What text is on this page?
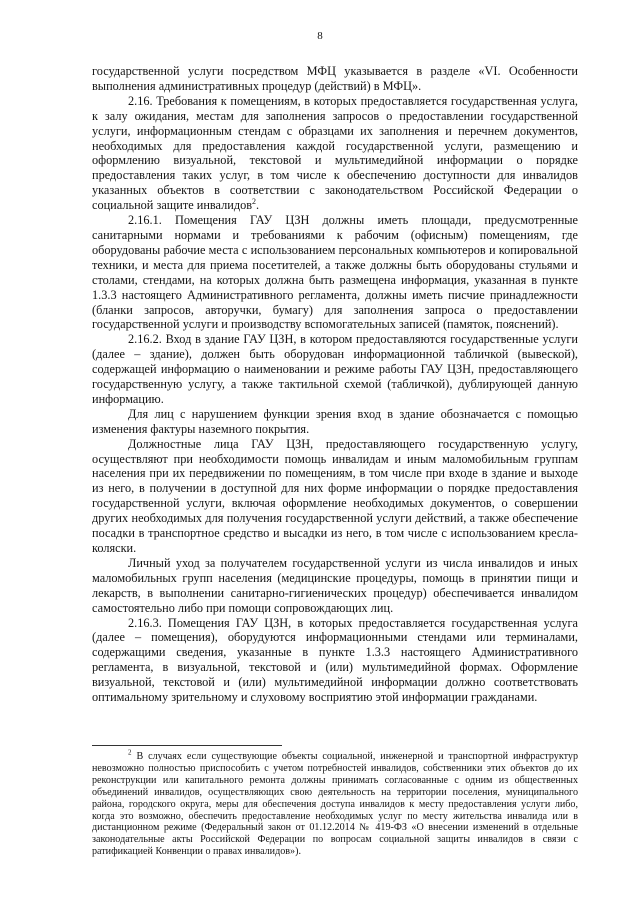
8

государственной услуги посредством МФЦ указывается в разделе «VI. Особенности выполнения административных процедур (действий) в МФЦ».

2.16. Требования к помещениям, в которых предоставляется государственная услуга, к залу ожидания, местам для заполнения запросов о предоставлении государственной услуги, информационным стендам с образцами их заполнения и перечнем документов, необходимых для предоставления каждой государственной услуги, размещению и оформлению визуальной, текстовой и мультимедийной информации о порядке предоставления таких услуг, в том числе к обеспечению доступности для инвалидов указанных объектов в соответствии с законодательством Российской Федерации о социальной защите инвалидов$^2$.

2.16.1. Помещения ГАУ ЦЗН должны иметь площади, предусмотренные санитарными нормами и требованиями к рабочим (офисным) помещениям, где оборудованы рабочие места с использованием персональных компьютеров и копировальной техники, и места для приема посетителей, а также должны быть оборудованы стульями и столами, стендами, на которых должна быть размещена информация, указанная в пункте 1.3.3 настоящего Административного регламента, должны иметь писчие принадлежности (бланки запросов, авторучки, бумагу) для заполнения запроса о предоставлении государственной услуги и производству вспомогательных записей (памяток, пояснений).

2.16.2. Вход в здание ГАУ ЦЗН, в котором предоставляются государственные услуги (далее – здание), должен быть оборудован информационной табличкой (вывеской), содержащей информацию о наименовании и режиме работы ГАУ ЦЗН, предоставляющего государственную услугу, а также тактильной схемой (табличкой), дублирующей данную информацию.

Для лиц с нарушением функции зрения вход в здание обозначается с помощью изменения фактуры наземного покрытия.

Должностные лица ГАУ ЦЗН, предоставляющего государственную услугу, осуществляют при необходимости помощь инвалидам и иным маломобильным группам населения при их передвижении по помещениям, в том числе при входе в здание и выходе из него, в получении в доступной для них форме информации о порядке предоставления государственной услуги, включая оформление необходимых документов, о совершении других необходимых для получения государственной услуги действий, а также обеспечение посадки в транспортное средство и высадки из него, в том числе с использованием кресла-коляски.

Личный уход за получателем государственной услуги из числа инвалидов и иных маломобильных групп населения (медицинские процедуры, помощь в принятии пищи и лекарств, в выполнении санитарно-гигиенических процедур) обеспечивается инвалидом самостоятельно либо при помощи сопровождающих лиц.

2.16.3. Помещения ГАУ ЦЗН, в которых предоставляется государственная услуга (далее – помещения), оборудуются информационными стендами или терминалами, содержащими сведения, указанные в пункте 1.3.3 настоящего Административного регламента, в визуальной, текстовой и (или) мультимедийной формах. Оформление визуальной, текстовой и (или) мультимедийной информации должно соответствовать оптимальному зрительному и слуховому восприятию этой информации гражданами.

$^2$ В случаях если существующие объекты социальной, инженерной и транспортной инфраструктур невозможно полностью приспособить с учетом потребностей инвалидов, собственники этих объектов до их реконструкции или капитального ремонта должны принимать согласованные с одним из общественных объединений инвалидов, осуществляющих свою деятельность на территории поселения, муниципального района, городского округа, меры для обеспечения доступа инвалидов к месту предоставления услуги либо, когда это возможно, обеспечить предоставление необходимых услуг по месту жительства инвалида или в дистанционном режиме (Федеральный закон от 01.12.2014 № 419-ФЗ «О внесении изменений в отдельные законодательные акты Российской Федерации по вопросам социальной защиты инвалидов в связи с ратификацией Конвенции о правах инвалидов»).
